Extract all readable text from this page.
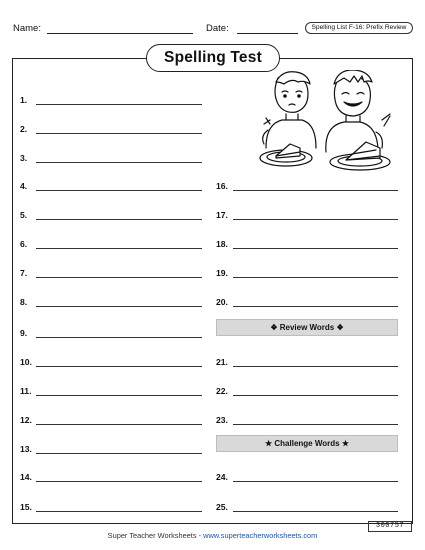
Name:	Date:	Spelling List F-16: Prefix Review
Spelling Test
1.
2.
3.
4.
5.
6.
7.
8.
9.
10.
11.
12.
13.
14.
15.
16.
17.
18.
19.
20.
21.
22.
23.
24.
25.
❖ Review Words ❖
★ Challenge Words ★
Super Teacher Worksheets - www.superteacherworksheets.com
300757
